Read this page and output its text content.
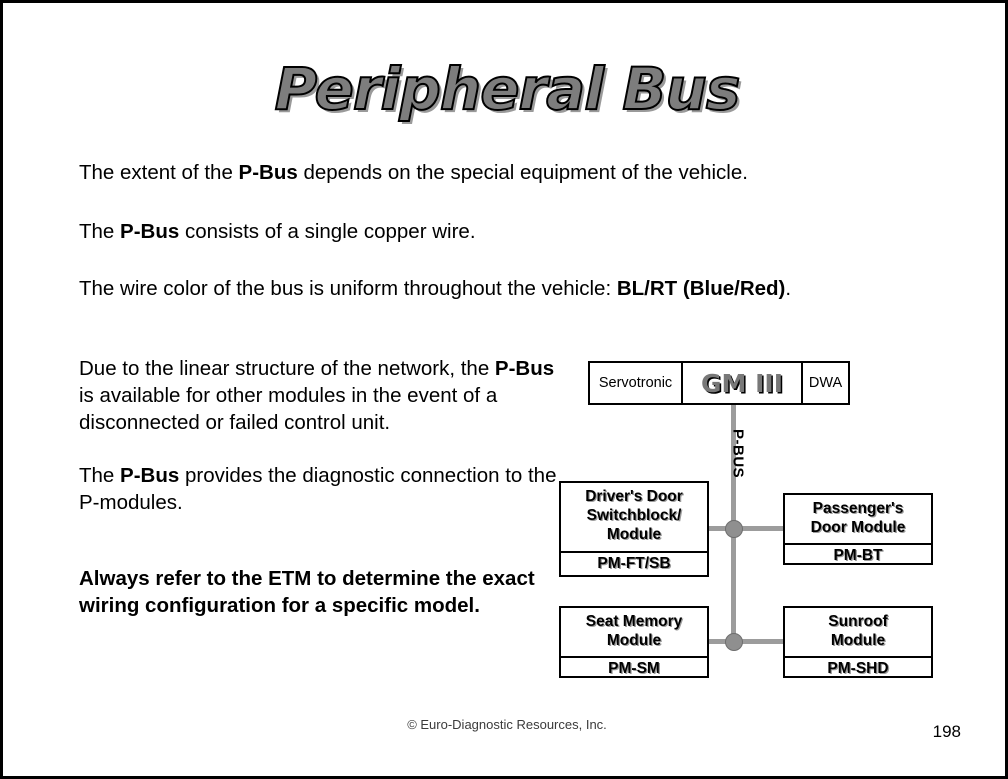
Peripheral Bus
The extent of the P-Bus depends on the special equipment of the vehicle.
The P-Bus consists of a single copper wire.
The wire color of the bus is uniform throughout the vehicle: BL/RT (Blue/Red).
Due to the linear structure of the network, the P-Bus is available for other modules in the event of a disconnected or failed control unit.
The P-Bus provides the diagnostic connection to the P-modules.
Always refer to the ETM to determine the exact wiring configuration for a specific model.
Servotronic	GM III	DWA
P-BUS
Driver's Door
Switchblock/
Module
PM-FT/SB
Passenger's
Door Module
PM-BT
Seat Memory
Module
PM-SM
Sunroof
Module
PM-SHD
© Euro-Diagnostic Resources, Inc.	198
